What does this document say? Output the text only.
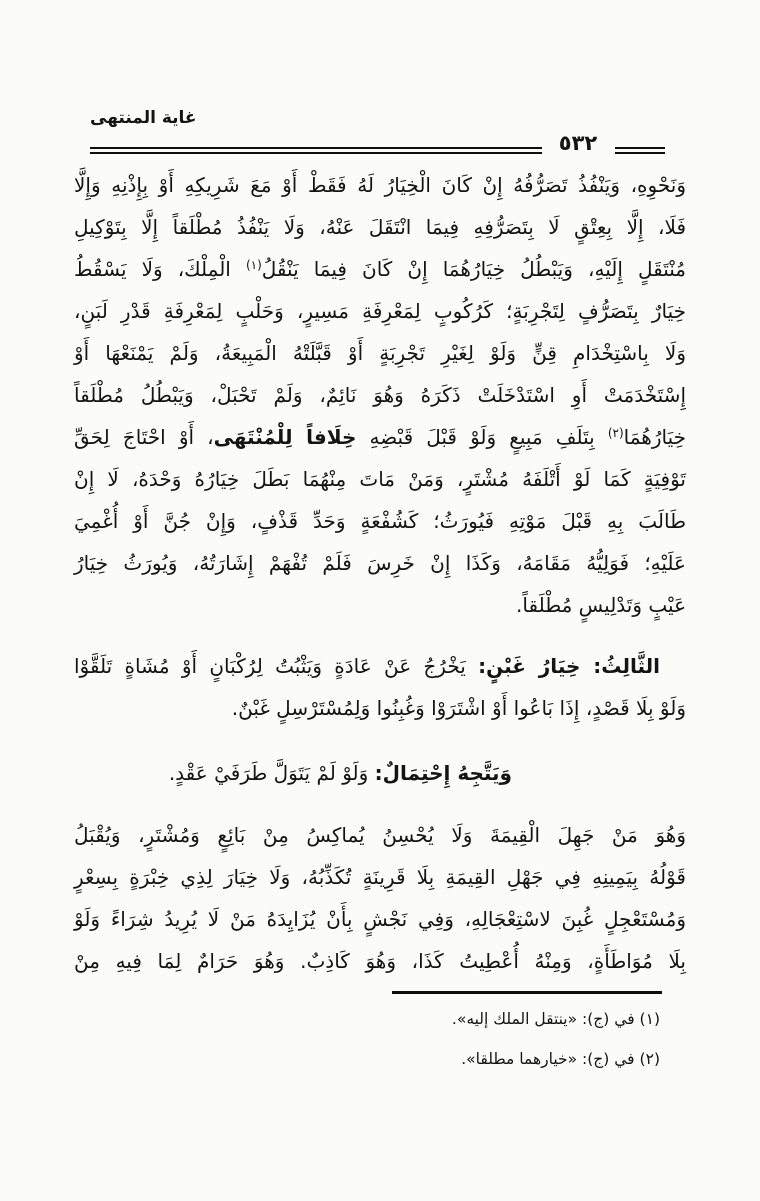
غاية المنتهى
٥٣٢
وَنَحْوِهِ، وَيَنْفُذُ تَصَرُّفُهُ إِنْ كَانَ الْخِيَارُ لَهُ فَقَطْ أَوْ مَعَ شَرِيكِهِ أَوْ بِإِذْنِهِ وَإِلَّا
فَلَا، إِلَّا بِعِتْقٍ لَا بِتَصَرُّفِهِ فِيمَا انْتَقَلَ عَنْهُ، وَلَا يَنْفُذُ مُطْلَقاً إِلَّا بِتَوْكِيلِ
مُنْتَقَلٍ إِلَيْهِ، وَيَبْطُلُ خِيَارُهُمَا إِنْ كَانَ فِيمَا يَنْقُلُ$^{(١)}$ الْمِلْكَ، وَلَا يَسْقُطُ
خِيَارٌ بِتَصَرُّفٍ لِتَجْرِبَةٍ؛ كَرُكُوبٍ لِمَعْرِفَةِ مَسِيرٍ، وَحَلْبٍ لِمَعْرِفَةِ قَدْرِ لَبَنٍ،
وَلَا بِاسْتِخْدَامِ قِنٍّ وَلَوْ لِغَيْرِ تَجْرِبَةٍ أَوْ قَبَّلَتْهُ الْمَبِيعَةُ، وَلَمْ يَمْنَعْهَا أَوْ
إِسْتَخْدَمَتْ أَوِ اسْتَدْخَلَتْ ذَكَرَهُ وَهُوَ نَائِمٌ، وَلَمْ تَحْبَلْ، وَيَبْطُلُ مُطْلَقاً
خِيَارُهُمَا$^{(٢)}$ بِتَلَفِ مَبِيعٍ وَلَوْ قَبْلَ قَبْضِهِ خِلَافاً لِلْمُنْتَهَى، أَوْ احْتَاجَ لِحَقِّ
تَوْفِيَةٍ كَمَا لَوْ أَتْلَفَهُ مُشْتَرٍ، وَمَنْ مَاتَ مِنْهُمَا بَطَلَ خِيَارُهُ وَحْدَهُ، لَا إِنْ
طَالَبَ بِهِ قَبْلَ مَوْتِهِ فَيُورَثُ؛ كَشُفْعَةٍ وَحَدِّ قَذْفٍ، وَإِنْ جُنَّ أَوْ أُغْمِيَ
عَلَيْهِ؛ فَوَلِيُّهُ مَقَامَهُ، وَكَذَا إِنْ خَرِسَ فَلَمْ تُفْهَمْ إِشَارَتُهُ، وَيُورَثُ خِيَارُ
عَيْبٍ وَتَدْلِيسٍ مُطْلَقاً.
الثَّالِثُ: خِيَارُ غَبْنٍ: يَخْرُجُ عَنْ عَادَةٍ وَيَثْبُتُ لِرُكْبَانٍ أَوْ مُشَاةٍ تَلَقَّوْا
وَلَوْ بِلَا قَصْدٍ، إِذَا بَاعُوا أَوْ اشْتَرَوْا وَغُبِنُوا وَلِمُسْتَرْسِلٍ غَبْنٌ.
وَيَتَّجِهُ إِحْتِمَالٌ: وَلَوْ لَمْ يَتَوَلَّ طَرَفَيْ عَقْدٍ.
وَهُوَ مَنْ جَهِلَ الْقِيمَةَ وَلَا يُحْسِنُ يُماكِسُ مِنْ بَائِعٍ وَمُشْتَرٍ، وَيُقْبَلُ
قَوْلُهُ بِيَمِينِهِ فِي جَهْلِ القِيمَةِ بِلَا قَرِينَةٍ تُكَذِّبُهُ، وَلَا خِيَارَ لِذِي خِبْرَةٍ بِسِعْرٍ
وَمُسْتَعْجِلٍ غُبِنَ لاسْتِعْجَالِهِ، وَفِي نَجْشٍ بِأَنْ يُزَايِدَهُ مَنْ لَا يُرِيدُ شِرَاءً وَلَوْ
بِلَا مُوَاطَأَةٍ، وَمِنْهُ أُعْطِيتُ كَذَا، وَهُوَ كَاذِبٌ. وَهُوَ حَرَامٌ لِمَا فِيهِ مِنْ
(١) في (ج): «ينتقل الملك إليه».
(٢) في (ج): «خيارهما مطلقا».
